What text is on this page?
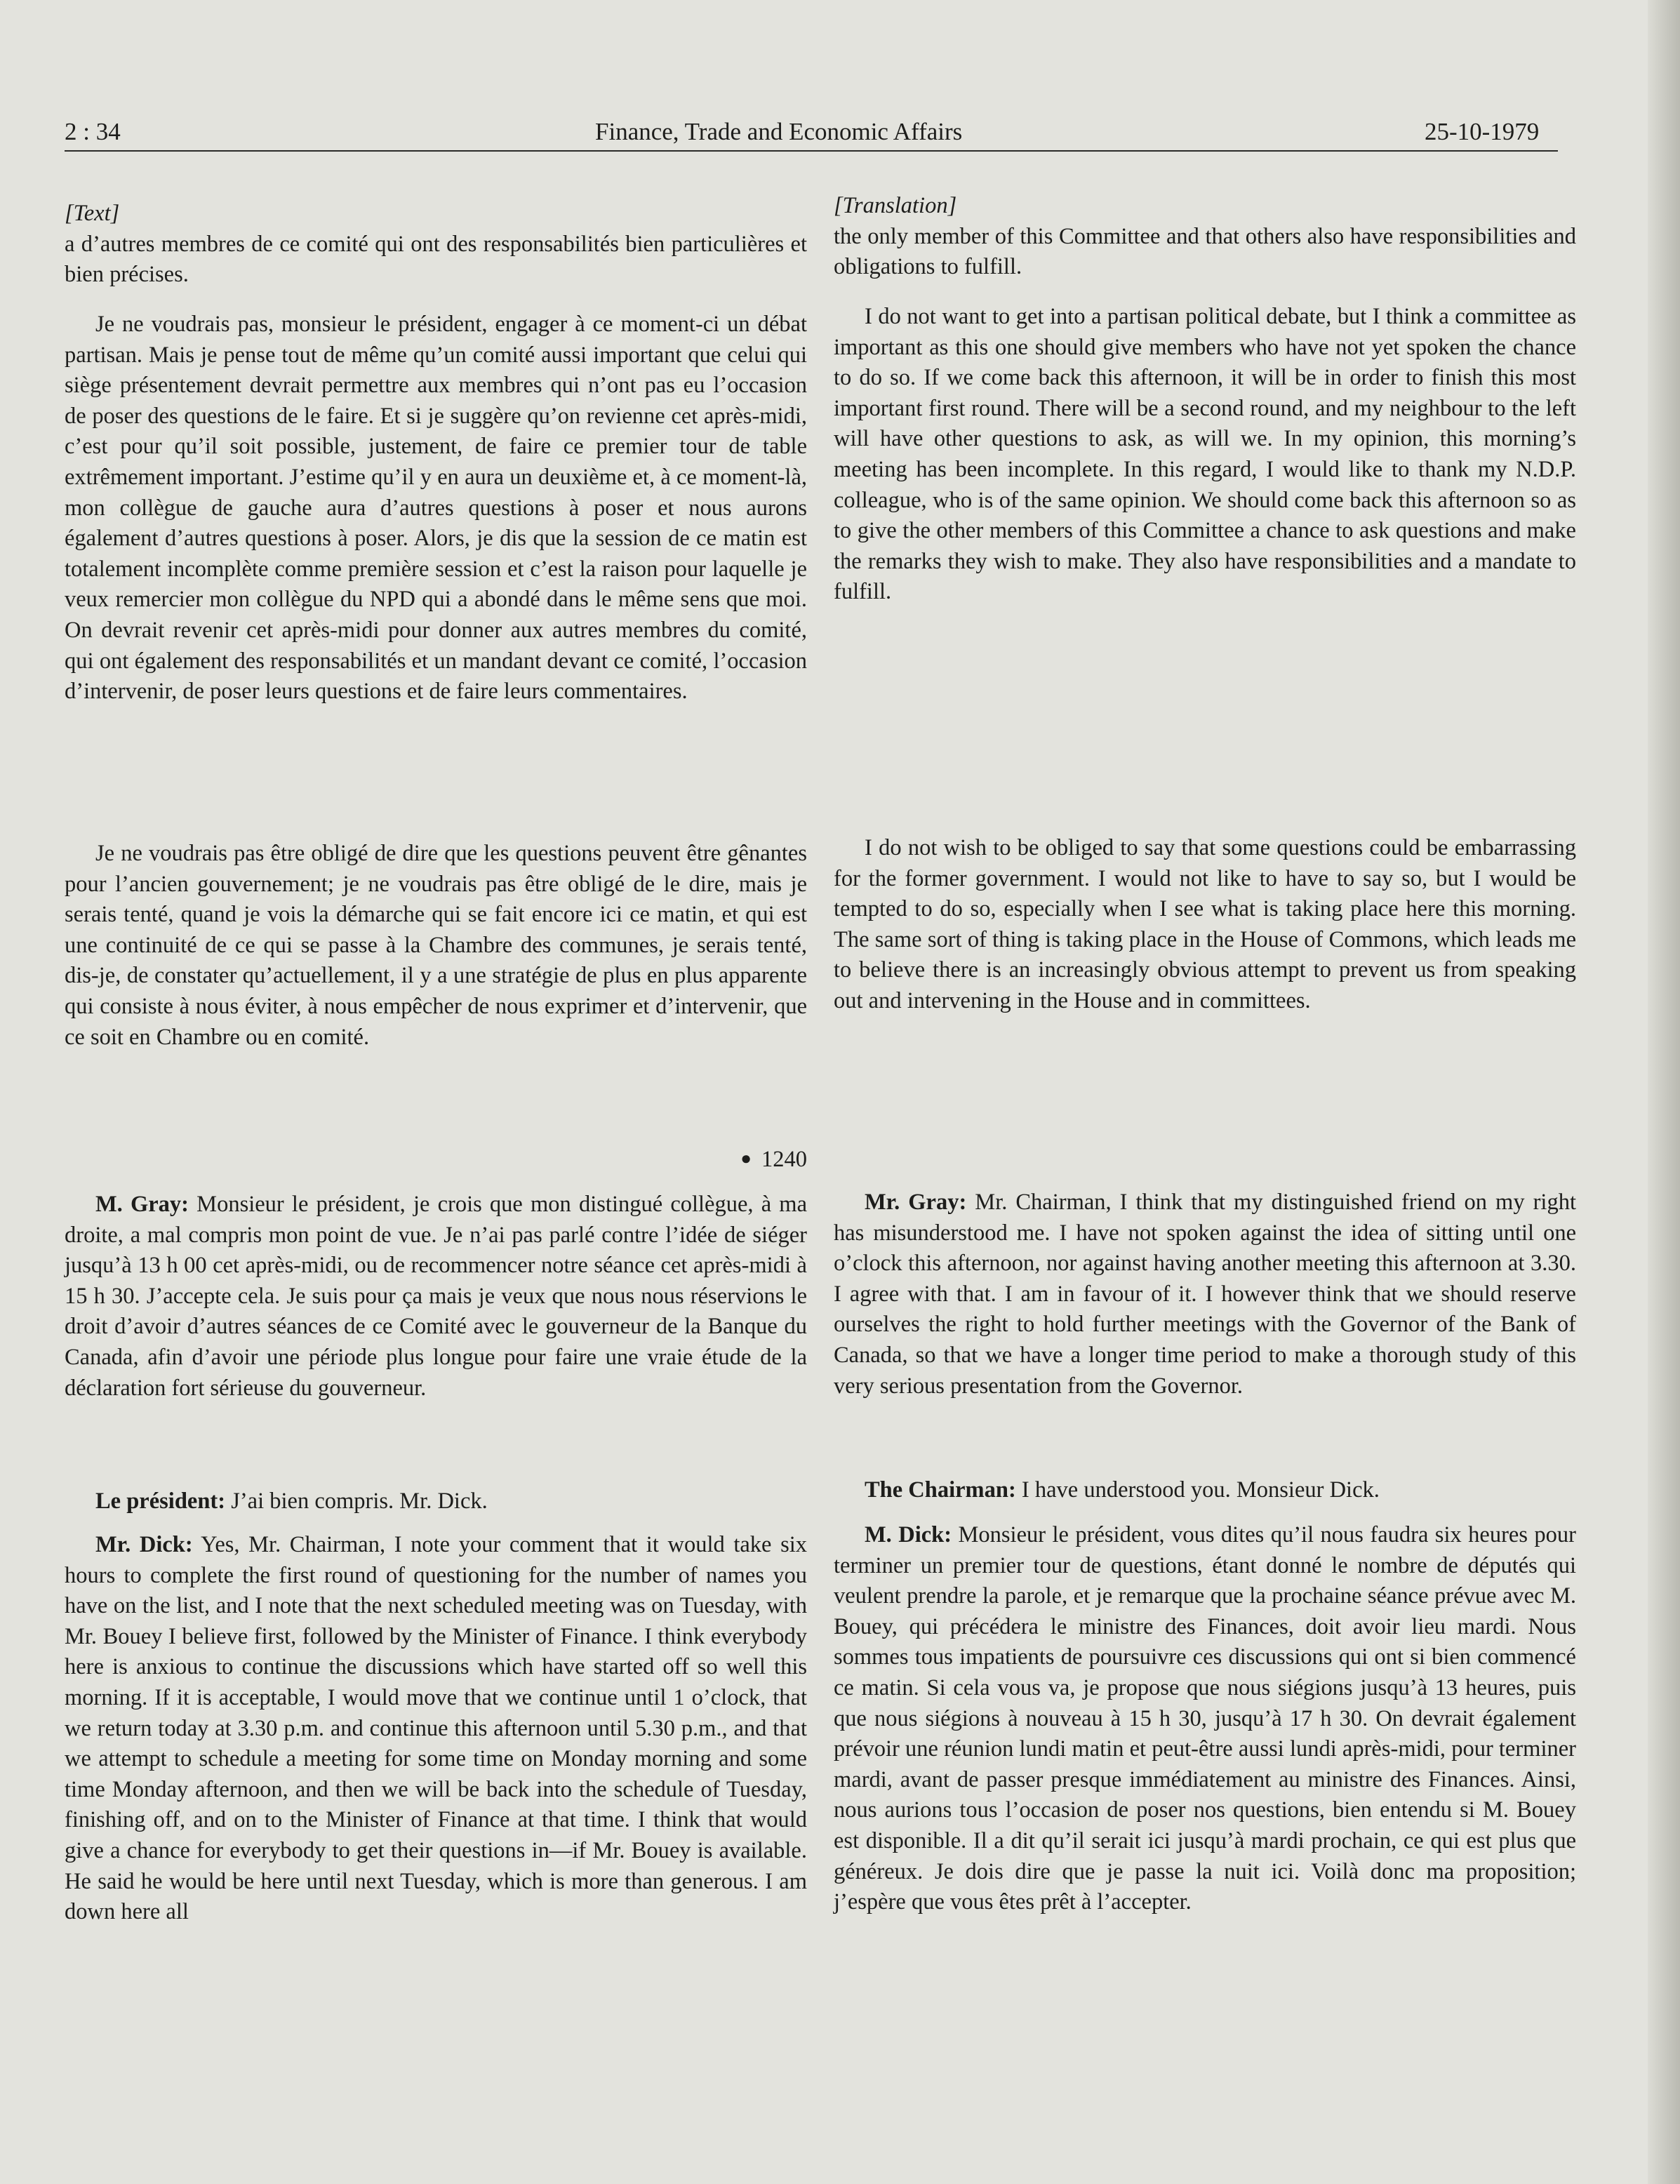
2 : 34	Finance, Trade and Economic Affairs	25-10-1979

[Text]

a d’autres membres de ce comité qui ont des responsabilités bien particulières et bien précises.

Je ne voudrais pas, monsieur le président, engager à ce moment-ci un débat partisan. Mais je pense tout de même qu’un comité aussi important que celui qui siège présentement devrait permettre aux membres qui n’ont pas eu l’occasion de poser des questions de le faire. Et si je suggère qu’on revienne cet après-midi, c’est pour qu’il soit possible, justement, de faire ce premier tour de table extrêmement important. J’estime qu’il y en aura un deuxième et, à ce moment-là, mon collègue de gauche aura d’autres questions à poser et nous aurons également d’autres questions à poser. Alors, je dis que la session de ce matin est totalement incomplète comme première session et c’est la raison pour laquelle je veux remercier mon collègue du NPD qui a abondé dans le même sens que moi. On devrait revenir cet après-midi pour donner aux autres membres du comité, qui ont également des responsabilités et un mandant devant ce comité, l’occasion d’intervenir, de poser leurs questions et de faire leurs commentaires.

Je ne voudrais pas être obligé de dire que les questions peuvent être gênantes pour l’ancien gouvernement; je ne voudrais pas être obligé de le dire, mais je serais tenté, quand je vois la démarche qui se fait encore ici ce matin, et qui est une continuité de ce qui se passe à la Chambre des communes, je serais tenté, dis-je, de constater qu’actuellement, il y a une stratégie de plus en plus apparente qui consiste à nous éviter, à nous empêcher de nous exprimer et d’intervenir, que ce soit en Chambre ou en comité.

● 1240

M. Gray: Monsieur le président, je crois que mon distingué collègue, à ma droite, a mal compris mon point de vue. Je n’ai pas parlé contre l’idée de siéger jusqu’à 13 h 00 cet après-midi, ou de recommencer notre séance cet après-midi à 15 h 30. J’accepte cela. Je suis pour ça mais je veux que nous nous réservions le droit d’avoir d’autres séances de ce Comité avec le gouverneur de la Banque du Canada, afin d’avoir une période plus longue pour faire une vraie étude de la déclaration fort sérieuse du gouverneur.

Le président: J’ai bien compris. Mr. Dick.

Mr. Dick: Yes, Mr. Chairman, I note your comment that it would take six hours to complete the first round of questioning for the number of names you have on the list, and I note that the next scheduled meeting was on Tuesday, with Mr. Bouey I believe first, followed by the Minister of Finance. I think everybody here is anxious to continue the discussions which have started off so well this morning. If it is acceptable, I would move that we continue until 1 o’clock, that we return today at 3.30 p.m. and continue this afternoon until 5.30 p.m., and that we attempt to schedule a meeting for some time on Monday morning and some time Monday afternoon, and then we will be back into the schedule of Tuesday, finishing off, and on to the Minister of Finance at that time. I think that would give a chance for everybody to get their questions in—if Mr. Bouey is available. He said he would be here until next Tuesday, which is more than generous. I am down here all

[Translation]

the only member of this Committee and that others also have responsibilities and obligations to fulfill.

I do not want to get into a partisan political debate, but I think a committee as important as this one should give members who have not yet spoken the chance to do so. If we come back this afternoon, it will be in order to finish this most important first round. There will be a second round, and my neighbour to the left will have other questions to ask, as will we. In my opinion, this morning’s meeting has been incomplete. In this regard, I would like to thank my N.D.P. colleague, who is of the same opinion. We should come back this afternoon so as to give the other members of this Committee a chance to ask questions and make the remarks they wish to make. They also have responsibilities and a mandate to fulfill.

I do not wish to be obliged to say that some questions could be embarrassing for the former government. I would not like to have to say so, but I would be tempted to do so, especially when I see what is taking place here this morning. The same sort of thing is taking place in the House of Commons, which leads me to believe there is an increasingly obvious attempt to prevent us from speaking out and intervening in the House and in committees.

Mr. Gray: Mr. Chairman, I think that my distinguished friend on my right has misunderstood me. I have not spoken against the idea of sitting until one o’clock this afternoon, nor against having another meeting this afternoon at 3.30. I agree with that. I am in favour of it. I however think that we should reserve ourselves the right to hold further meetings with the Governor of the Bank of Canada, so that we have a longer time period to make a thorough study of this very serious presentation from the Governor.

The Chairman: I have understood you. Monsieur Dick.

M. Dick: Monsieur le président, vous dites qu’il nous faudra six heures pour terminer un premier tour de questions, étant donné le nombre de députés qui veulent prendre la parole, et je remarque que la prochaine séance prévue avec M. Bouey, qui précédera le ministre des Finances, doit avoir lieu mardi. Nous sommes tous impatients de poursuivre ces discussions qui ont si bien commencé ce matin. Si cela vous va, je propose que nous siégions jusqu’à 13 heures, puis que nous siégions à nouveau à 15 h 30, jusqu’à 17 h 30. On devrait également prévoir une réunion lundi matin et peut-être aussi lundi après-midi, pour terminer mardi, avant de passer presque immédiatement au ministre des Finances. Ainsi, nous aurions tous l’occasion de poser nos questions, bien entendu si M. Bouey est disponible. Il a dit qu’il serait ici jusqu’à mardi prochain, ce qui est plus que généreux. Je dois dire que je passe la nuit ici. Voilà donc ma proposition; j’espère que vous êtes prêt à l’accepter.
